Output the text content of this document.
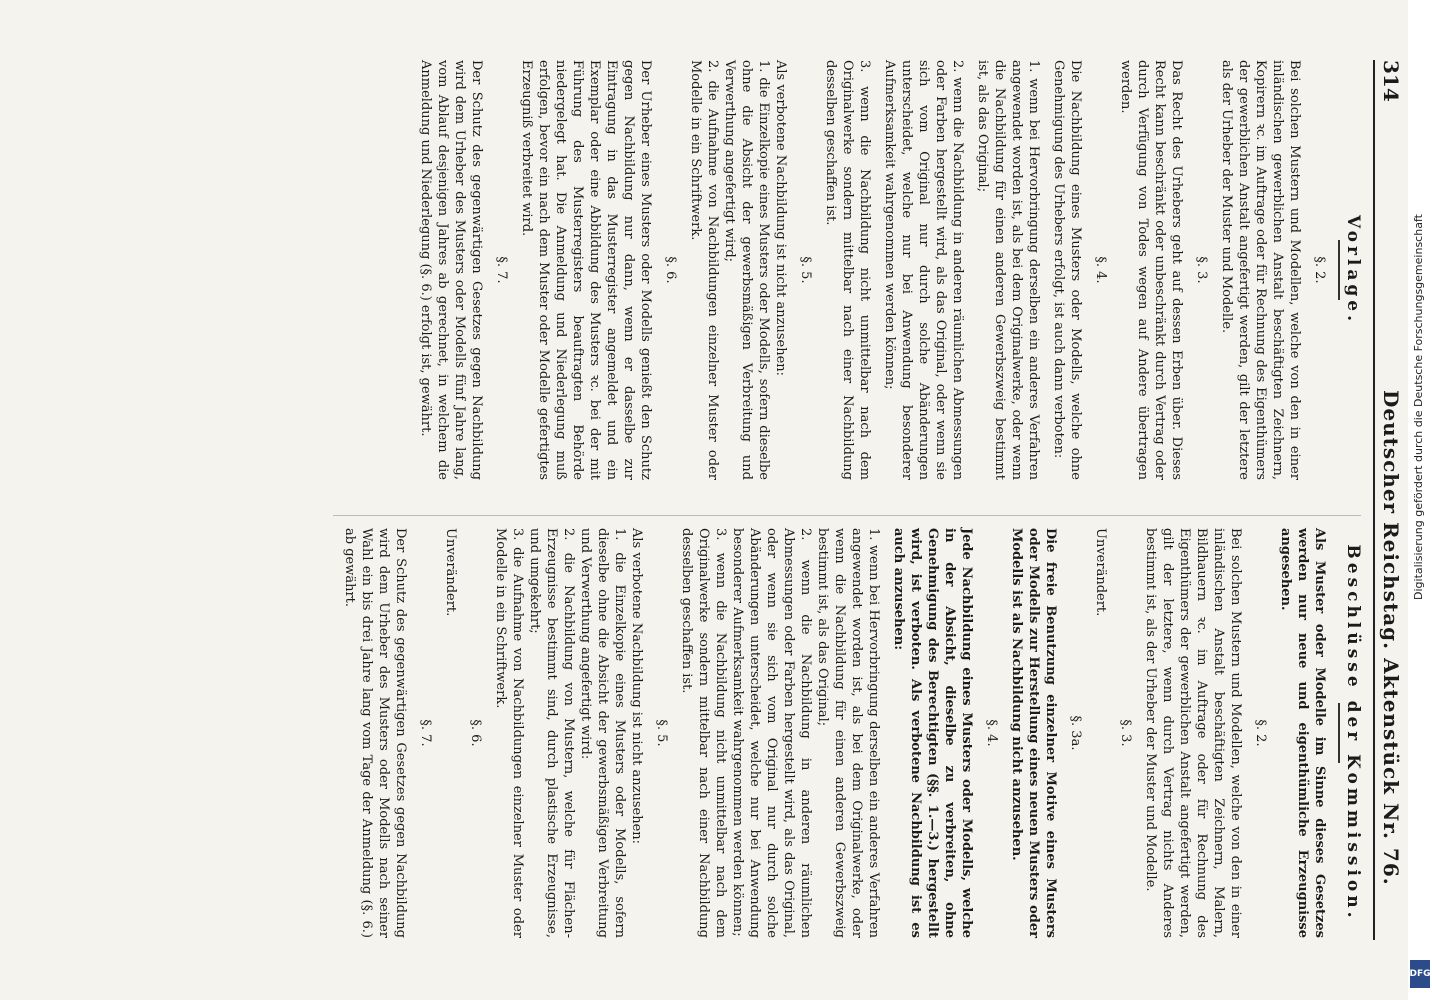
314
Deutscher Reichstag. Aktenstück Nr. 76.
Vorlage.
§. 2.
Bei solchen Mustern und Modellen, welche von den in einer inländischen gewerblichen Anstalt beschäftigten Zeichnern, Kopirern ꝛc. im Auftrage oder für Rechnung des Eigenthümers der gewerblichen Anstalt angefertigt werden, gilt der letztere als der Urheber der Muster und Modelle.
§. 3.
Das Recht des Urhebers geht auf dessen Erben über. Dieses Recht kann beschränkt oder unbeschränkt durch Vertrag oder durch Verfügung von Todes wegen auf Andere übertragen werden.
§. 4.
Die Nachbildung eines Musters oder Modells, welche ohne Genehmigung des Urhebers erfolgt, ist auch dann verboten:
1. wenn bei Hervorbringung derselben ein anderes Verfahren angewendet worden ist, als bei dem Originalwerke, oder wenn die Nachbildung für einen anderen Gewerbszweig bestimmt ist, als das Original;
2. wenn die Nachbildung in anderen räumlichen Abmessungen oder Farben hergestellt wird, als das Original, oder wenn sie sich vom Original nur durch solche Abänderungen unterscheidet, welche nur bei Anwendung besonderer Aufmerksamkeit wahrgenommen werden können;
3. wenn die Nachbildung nicht unmittelbar nach dem Originalwerke sondern mittelbar nach einer Nachbildung desselben geschaffen ist.
§. 5.
Als verbotene Nachbildung ist nicht anzusehen:
1. die Einzelkopie eines Musters oder Modells, sofern dieselbe ohne die Absicht der gewerbsmäßigen Verbreitung und Verwerthung angefertigt wird;
2. die Aufnahme von Nachbildungen einzelner Muster oder Modelle in ein Schriftwerk.
§. 6.
Der Urheber eines Musters oder Modells genießt den Schutz gegen Nachbildung nur dann, wenn er dasselbe zur Eintragung in das Musterregister angemeldet und ein Exemplar oder eine Abbildung des Musters ꝛc. bei der mit Führung des Musterregisters beauftragten Behörde niedergelegt hat. Die Anmeldung und Niederlegung muß erfolgen, bevor ein nach dem Muster oder Modelle gefertigtes Erzeugniß verbreitet wird.
§. 7.
Der Schutz des gegenwärtigen Gesetzes gegen Nachbildung wird dem Urheber des Musters oder Modells fünf Jahre lang, vom Ablauf desjenigen Jahres ab gerechnet, in welchem die Anmeldung und Niederlegung (§. 6.) erfolgt ist, gewährt.
Beschlüsse der Kommission.
Als Muster oder Modelle im Sinne dieses Gesetzes werden nur neue und eigenthümliche Erzeugnisse angesehen.
§. 2.
Bei solchen Mustern und Modellen, welche von den in einer inländischen Anstalt beschäftigten Zeichnern, Malern, Bildhauern ꝛc. im Auftrage oder für Rechnung des Eigenthümers der gewerblichen Anstalt angefertigt werden, gilt der letztere, wenn durch Vertrag nichts Anderes bestimmt ist, als der Urheber der Muster und Modelle.
§. 3.
Unverändert.
§. 3a.
Die freie Benutzung einzelner Motive eines Musters oder Modells zur Herstellung eines neuen Musters oder Modells ist als Nachbildung nicht anzusehen.
§. 4.
Jede Nachbildung eines Musters oder Modells, welche in der Absicht, dieselbe zu verbreiten, ohne Genehmigung des Berechtigten (§§. 1.—3.) hergestellt wird, ist verboten. Als verbotene Nachbildung ist es auch anzusehen:
1. wenn bei Hervorbringung derselben ein anderes Verfahren angewendet worden ist, als bei dem Originalwerke, oder wenn die Nachbildung für einen anderen Gewerbszweig bestimmt ist, als das Original;
2. wenn die Nachbildung in anderen räumlichen Abmessungen oder Farben hergestellt wird, als das Original, oder wenn sie sich vom Original nur durch solche Abänderungen unterscheidet, welche nur bei Anwendung besonderer Aufmerksamkeit wahrgenommen werden können;
3. wenn die Nachbildung nicht unmittelbar nach dem Originalwerke sondern mittelbar nach einer Nachbildung desselben geschaffen ist.
§. 5.
Als verbotene Nachbildung ist nicht anzusehen:
1. die Einzelkopie eines Musters oder Modells, sofern dieselbe ohne die Absicht der gewerbsmäßigen Verbreitung und Verwerthung angefertigt wird:
2. die Nachbildung von Mustern, welche für Flächen-Erzeugnisse bestimmt sind, durch plastische Erzeugnisse, und umgekehrt;
3. die Aufnahme von Nachbildungen einzelner Muster oder Modelle in ein Schriftwerk.
§. 6.
Unverändert.
§. 7.
Der Schutz des gegenwärtigen Gesetzes gegen Nachbildung wird dem Urheber des Musters oder Modells nach seiner Wahl ein bis drei Jahre lang vom Tage der Anmeldung (§. 6.) ab gewährt.	Digitalisierung gefördert durch die Deutsche Forschungsgemeinschaft
DFG
